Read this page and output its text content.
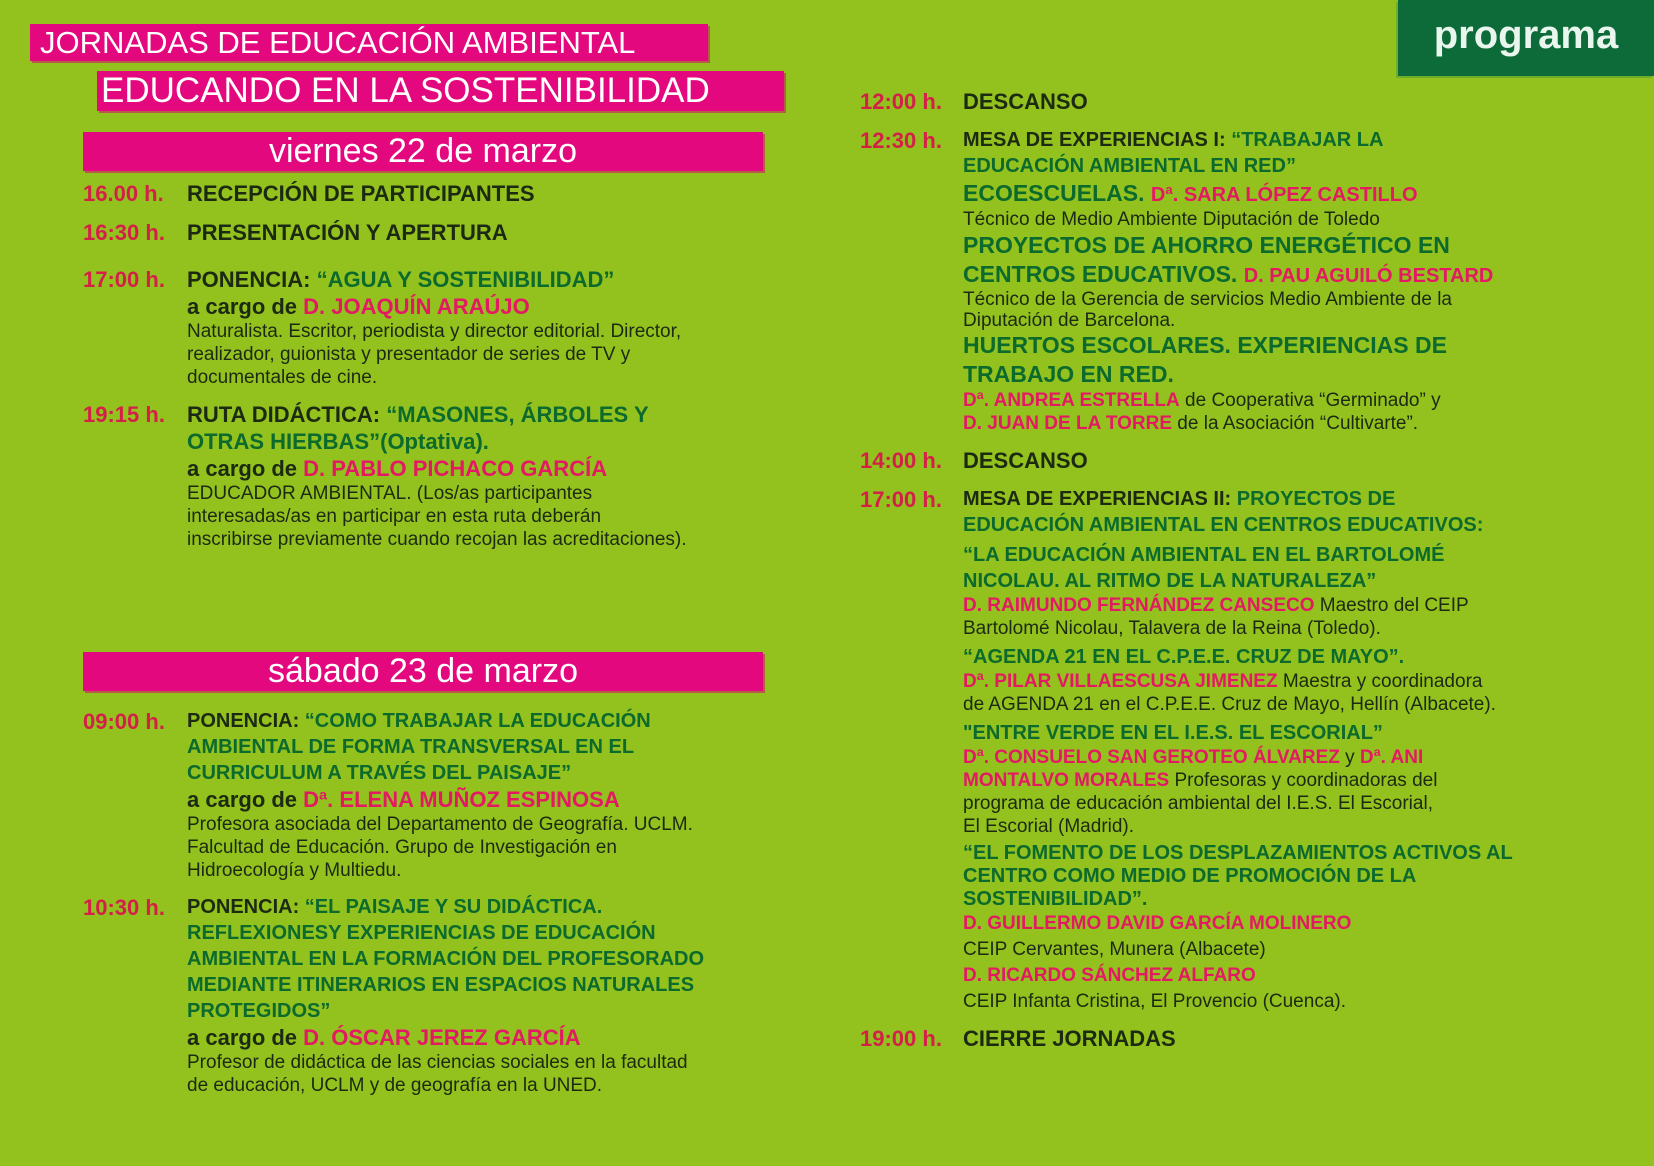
JORNADAS DE EDUCACIÓN AMBIENTAL
EDUCANDO EN LA SOSTENIBILIDAD
programa
viernes 22 de marzo
16.00 h. RECEPCIÓN DE PARTICIPANTES
16:30 h. PRESENTACIÓN Y APERTURA
17:00 h. PONENCIA: “AGUA Y SOSTENIBILIDAD”
a cargo de D. JOAQUÍN ARAÚJO
Naturalista. Escritor, periodista y director editorial. Director,
realizador, guionista y presentador de series de TV y
documentales de cine.
19:15 h. RUTA DIDÁCTICA: “MASONES, ÁRBOLES Y
OTRAS HIERBAS”(Optativa).
a cargo de D. PABLO PICHACO GARCÍA
EDUCADOR AMBIENTAL. (Los/as participantes
interesadas/as en participar en esta ruta deberán
inscribirse previamente cuando recojan las acreditaciones).
sábado 23 de marzo
09:00 h. PONENCIA: “COMO TRABAJAR LA EDUCACIÓN
AMBIENTAL DE FORMA TRANSVERSAL EN EL
CURRICULUM A TRAVÉS DEL PAISAJE”
a cargo de Dª. ELENA MUÑOZ ESPINOSA
Profesora asociada del Departamento de Geografía. UCLM.
Falcultad de Educación. Grupo de Investigación en
Hidroecología y Multiedu.
10:30 h. PONENCIA: “EL PAISAJE Y SU DIDÁCTICA.
REFLEXIONESY EXPERIENCIAS DE EDUCACIÓN
AMBIENTAL EN LA FORMACIÓN DEL PROFESORADO
MEDIANTE ITINERARIOS EN ESPACIOS NATURALES
PROTEGIDOS”
a cargo de D. ÓSCAR JEREZ GARCÍA
Profesor de didáctica de las ciencias sociales en la facultad
de educación, UCLM y de geografía en la UNED.
12:00 h. DESCANSO
12:30 h. MESA DE EXPERIENCIAS I: “TRABAJAR LA
EDUCACIÓN AMBIENTAL EN RED”
ECOESCUELAS. Dª. SARA LÓPEZ CASTILLO
Técnico de Medio Ambiente Diputación de Toledo
PROYECTOS DE AHORRO ENERGÉTICO EN
CENTROS EDUCATIVOS. D. PAU AGUILÓ BESTARD
Técnico de la Gerencia de servicios Medio Ambiente de la
Diputación de Barcelona.
HUERTOS ESCOLARES. EXPERIENCIAS DE
TRABAJO EN RED.
Dª. ANDREA ESTRELLA de Cooperativa “Germinado” y
D. JUAN DE LA TORRE de la Asociación “Cultivarte”.
14:00 h. DESCANSO
17:00 h. MESA DE EXPERIENCIAS II: PROYECTOS DE
EDUCACIÓN AMBIENTAL EN CENTROS EDUCATIVOS:
“LA EDUCACIÓN AMBIENTAL EN EL BARTOLOMÉ
NICOLAU. AL RITMO DE LA NATURALEZA”
D. RAIMUNDO FERNÁNDEZ CANSECO Maestro del CEIP
Bartolomé Nicolau, Talavera de la Reina (Toledo).
“AGENDA 21 EN EL C.P.E.E. CRUZ DE MAYO”.
Dª. PILAR VILLAESCUSA JIMENEZ Maestra y coordinadora
de AGENDA 21 en el C.P.E.E. Cruz de Mayo, Hellín (Albacete).
"ENTRE VERDE EN EL I.E.S. EL ESCORIAL”
Dª. CONSUELO SAN GEROTEO ÁLVAREZ y Dª. ANI
MONTALVO MORALES Profesoras y coordinadoras del
programa de educación ambiental del I.E.S. El Escorial,
El Escorial (Madrid).
“EL FOMENTO DE LOS DESPLAZAMIENTOS ACTIVOS AL
CENTRO COMO MEDIO DE PROMOCIÓN DE LA
SOSTENIBILIDAD”.
D. GUILLERMO DAVID GARCÍA MOLINERO
CEIP Cervantes, Munera (Albacete)
D. RICARDO SÁNCHEZ ALFARO
CEIP Infanta Cristina, El Provencio (Cuenca).
19:00 h. CIERRE JORNADAS
